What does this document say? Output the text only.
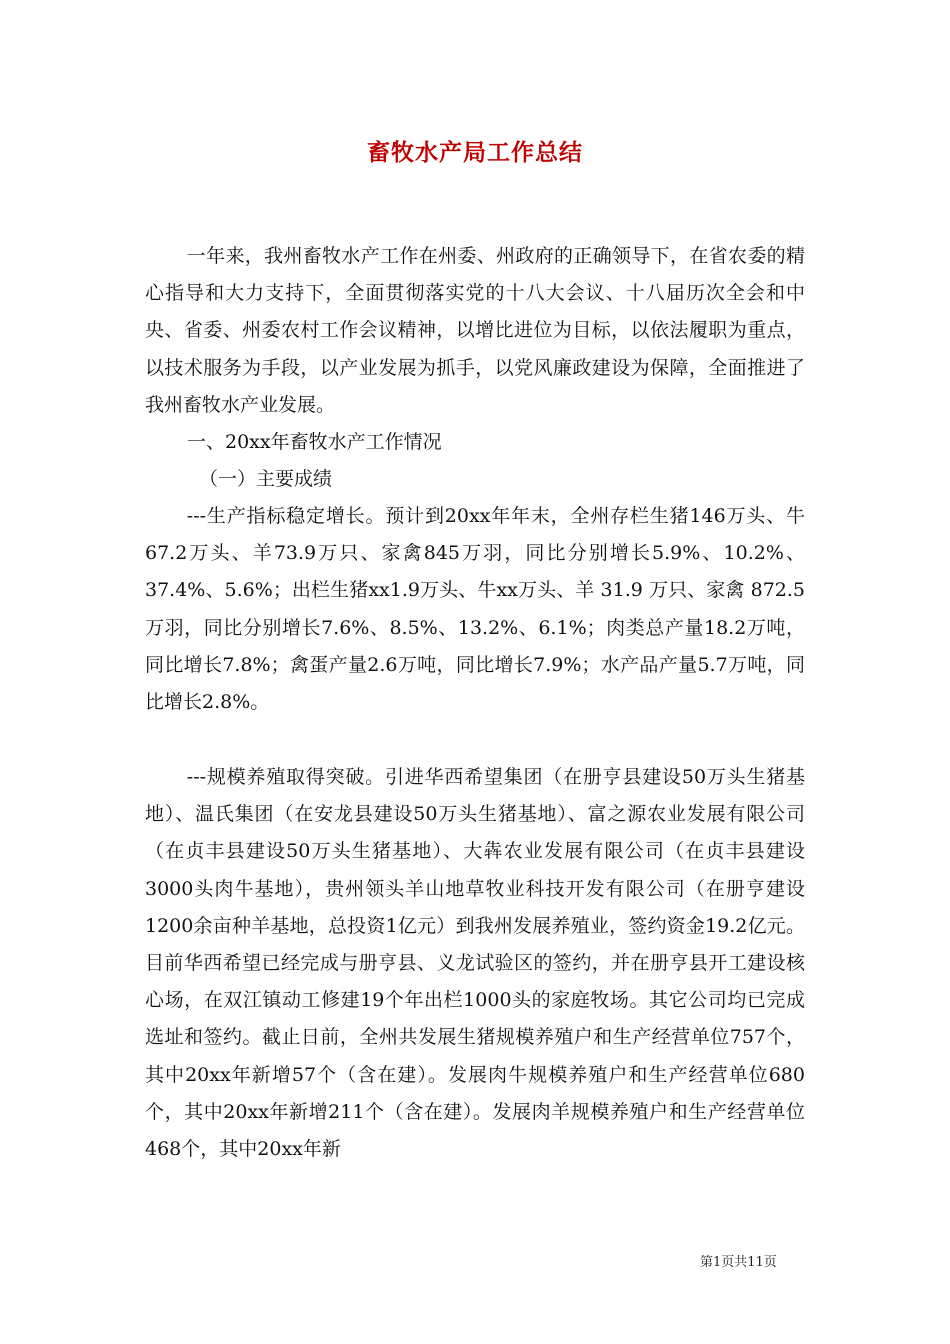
畜牧水产局工作总结

一年来，我州畜牧水产工作在州委、州政府的正确领导下，在省农委的精心指导和大力支持下，全面贯彻落实党的十八大会议、十八届历次全会和中央、省委、州委农村工作会议精神，以增比进位为目标，以依法履职为重点，以技术服务为手段，以产业发展为抓手，以党风廉政建设为保障，全面推进了我州畜牧水产业发展。

一、20xx年畜牧水产工作情况

（一）主要成绩

---生产指标稳定增长。预计到20xx年年末，全州存栏生猪146万头、牛67.2万头、羊73.9万只、家禽845万羽，同比分别增长5.9%、10.2%、37.4%、5.6%；出栏生猪xx1.9万头、牛xx万头、羊 31.9 万只、家禽 872.5 万羽，同比分别增长7.6%、8.5%、13.2%、6.1%；肉类总产量18.2万吨，同比增长7.8%；禽蛋产量2.6万吨，同比增长7.9%；水产品产量5.7万吨，同比增长2.8%。

---规模养殖取得突破。引进华西希望集团（在册亨县建设50万头生猪基地）、温氏集团（在安龙县建设50万头生猪基地）、富之源农业发展有限公司（在贞丰县建设50万头生猪基地）、大犇农业发展有限公司（在贞丰县建设3000头肉牛基地），贵州领头羊山地草牧业科技开发有限公司（在册亨建设1200余亩种羊基地，总投资1亿元）到我州发展养殖业，签约资金19.2亿元。目前华西希望已经完成与册亨县、义龙试验区的签约，并在册亨县开工建设核心场，在双江镇动工修建19个年出栏1000头的家庭牧场。其它公司均已完成选址和签约。截止日前，全州共发展生猪规模养殖户和生产经营单位757个，其中20xx年新增57个（含在建）。发展肉牛规模养殖户和生产经营单位680个，其中20xx年新增211个（含在建）。发展肉羊规模养殖户和生产经营单位468个，其中20xx年新

第1页共11页
